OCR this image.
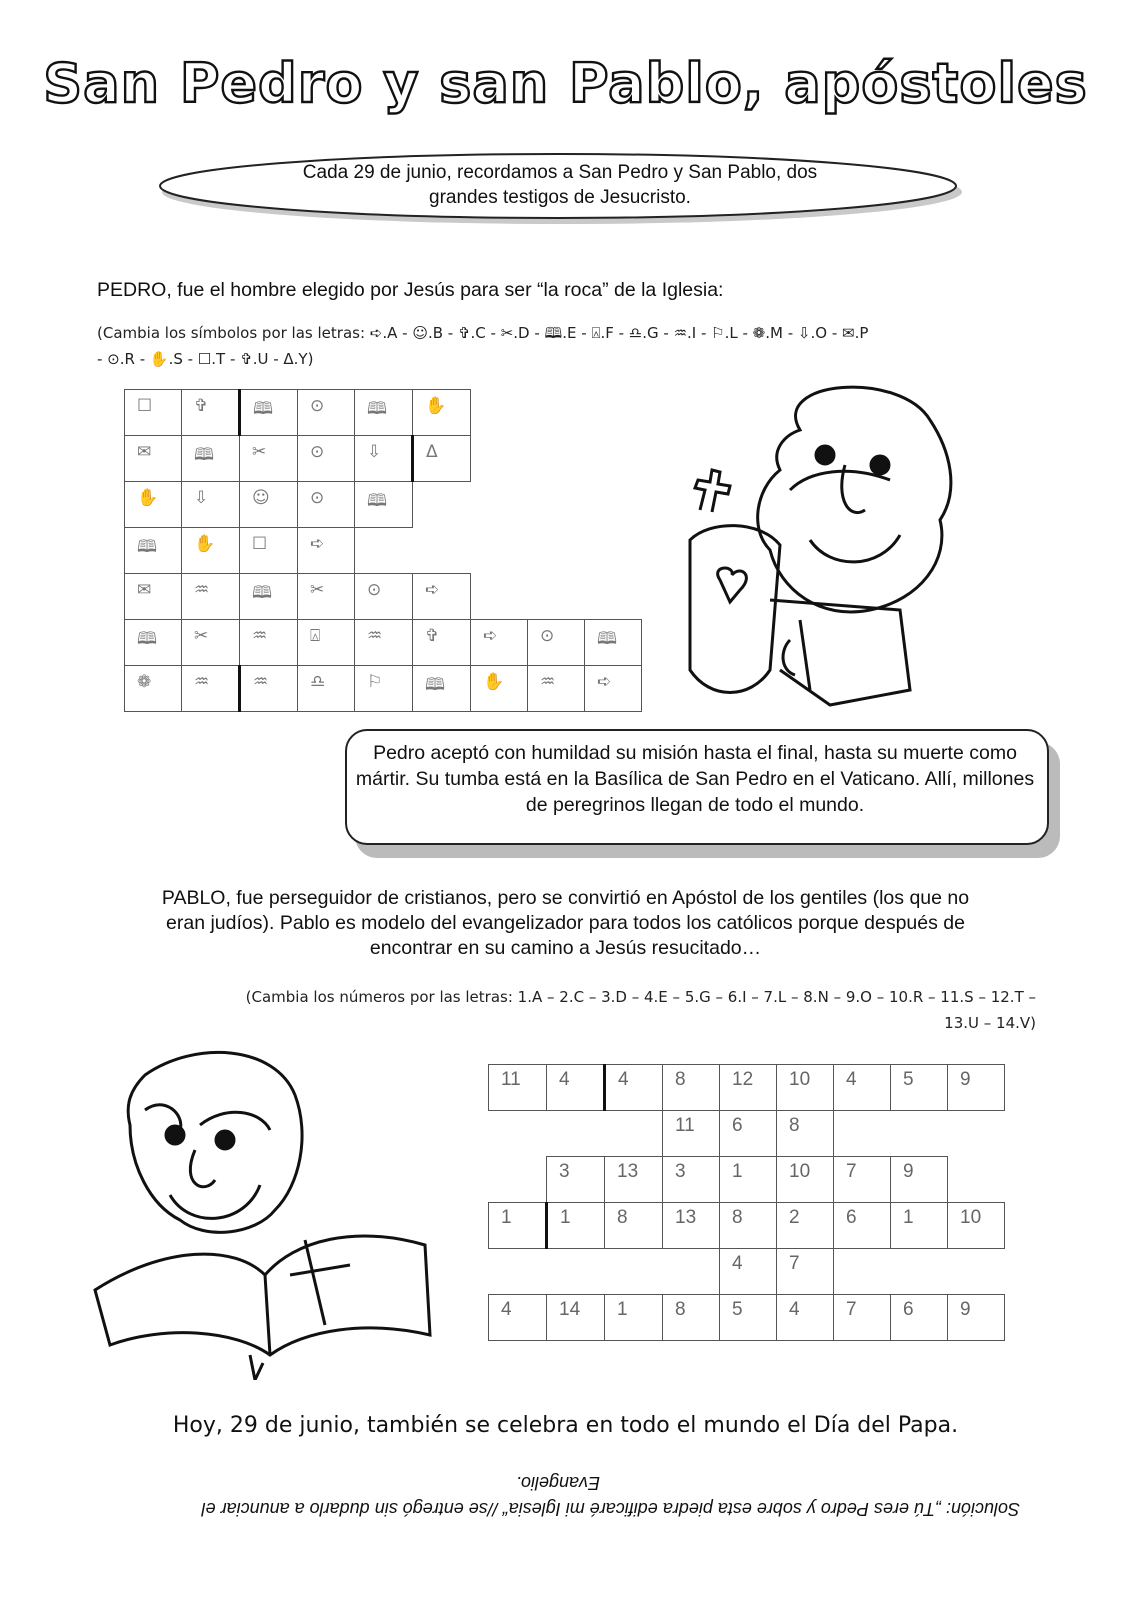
San Pedro y san Pablo, apóstoles
Cada 29 de junio, recordamos a San Pedro y San Pablo, dos grandes testigos de Jesucristo.
PEDRO, fue el hombre elegido por Jesús para ser “la roca” de la Iglesia:
(Cambia los símbolos por las letras: ➪.A - ☺.B - ✞.C - ✂.D - 🕮.E - ⍓.F - ♎.G - ♒.I - ⚐.L - ❁.M - ⇩.O - ✉.P
- ⊙.R - ✋.S - ☐.T - ✞.U - Δ.Y)
☐	✞	🕮	⊙	🕮	✋			
✉	🕮	✂	⊙	⇩	Δ			
✋	⇩	☺	⊙	🕮				
🕮	✋	☐	➪					
✉	♒	🕮	✂	⊙	➪			
🕮	✂	♒	⍓	♒	✞	➪	⊙	🕮
❁	♒	♒	♎	⚐	🕮	✋	♒	➪
Pedro aceptó con humildad su misión hasta el final, hasta su muerte como mártir. Su tumba está en la Basílica de San Pedro en el Vaticano. Allí, millones de peregrinos llegan de todo el mundo.
PABLO, fue perseguidor de cristianos, pero se convirtió en Apóstol de los gentiles (los que no
eran judíos). Pablo es modelo del evangelizador para todos los católicos porque después de
encontrar en su camino a Jesús resucitado…
(Cambia los números por las letras: 1.A – 2.C – 3.D – 4.E – 5.G – 6.I – 7.L – 8.N – 9.O – 10.R – 11.S – 12.T –
13.U – 14.V)
11	4	4	8	12	10	4	5	9
			11	6	8			
	3	13	3	1	10	7	9	
1	1	8	13	8	2	6	1	10
				4	7			
4	14	1	8	5	4	7	6	9
Hoy, 29 de junio, también se celebra en todo el mundo el Día del Papa.
Solución: „Tú eres Pedro y sobre esta piedra edificaré mi Iglesia“ //se entregó sin dudarlo a anunciar el
Evangelio.
